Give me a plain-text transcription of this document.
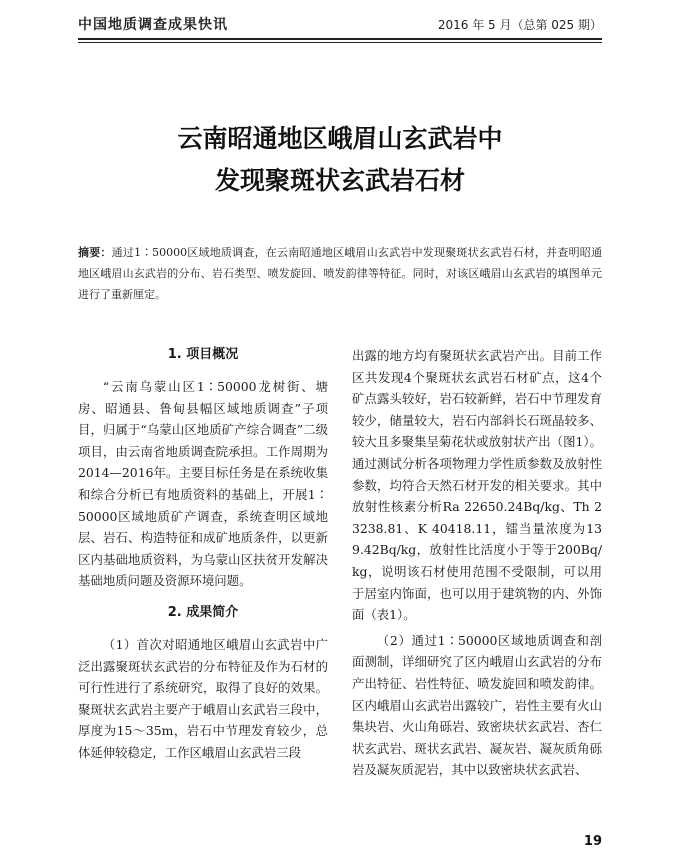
中国地质调查成果快讯	2016 年 5 月（总第 025 期）
云南昭通地区峨眉山玄武岩中
发现聚斑状玄武岩石材
摘要：通过1∶50000区域地质调查，在云南昭通地区峨眉山玄武岩中发现聚斑状玄武岩石材，并查明昭通地区峨眉山玄武岩的分布、岩石类型、喷发旋回、喷发韵律等特征。同时，对该区峨眉山玄武岩的填图单元进行了重新厘定。
1. 项目概况

“云南乌蒙山区1∶50000龙树街、塘房、昭通县、鲁甸县幅区域地质调查”子项目，归属于“乌蒙山区地质矿产综合调查”二级项目，由云南省地质调查院承担。工作周期为2014—2016年。主要目标任务是在系统收集和综合分析已有地质资料的基础上，开展1∶50000区域地质矿产调查，系统查明区域地层、岩石、构造特征和成矿地质条件，以更新区内基础地质资料，为乌蒙山区扶贫开发解决基础地质问题及资源环境问题。

2. 成果简介

（1）首次对昭通地区峨眉山玄武岩中广泛出露聚斑状玄武岩的分布特征及作为石材的可行性进行了系统研究，取得了良好的效果。聚斑状玄武岩主要产于峨眉山玄武岩三段中，厚度为15～35m，岩石中节理发育较少，总体延伸较稳定，工作区峨眉山玄武岩三段

出露的地方均有聚斑状玄武岩产出。目前工作区共发现4个聚斑状玄武岩石材矿点，这4个矿点露头较好，岩石较新鲜，岩石中节理发育较少，储量较大，岩石内部斜长石斑晶较多、较大且多聚集呈菊花状或放射状产出（图1）。通过测试分析各项物理力学性质参数及放射性参数，均符合天然石材开发的相关要求。其中放射性核素分析Ra 22650.24Bq/kg、Th 23238.81、K 40418.11，镭当量浓度为139.42Bq/kg，放射性比活度小于等于200Bq/kg，说明该石材使用范围不受限制，可以用于居室内饰面，也可以用于建筑物的内、外饰面（表1）。

（2）通过1∶50000区域地质调查和剖面测制，详细研究了区内峨眉山玄武岩的分布产出特征、岩性特征、喷发旋回和喷发韵律。区内峨眉山玄武岩出露较广，岩性主要有火山集块岩、火山角砾岩、致密块状玄武岩、杏仁状玄武岩、斑状玄武岩、凝灰岩、凝灰质角砾岩及凝灰质泥岩，其中以致密块状玄武岩、

19
